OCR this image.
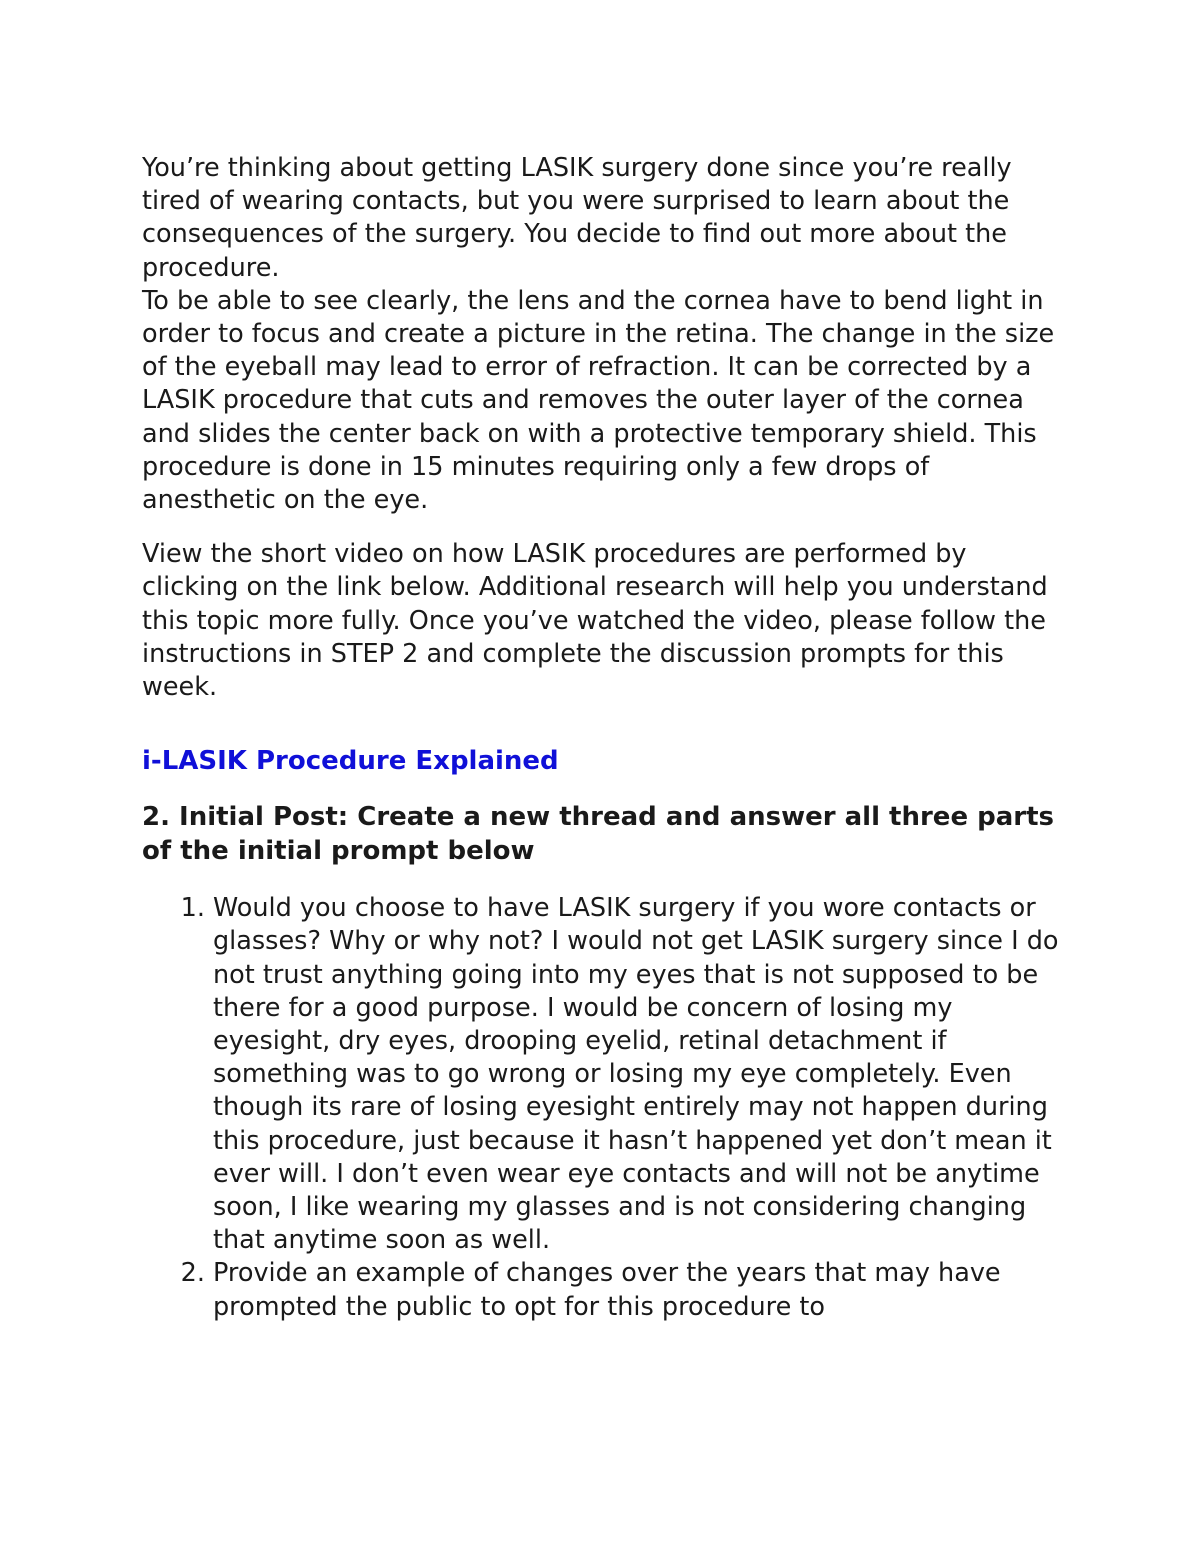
You’re thinking about getting LASIK surgery done since you’re really tired of wearing contacts, but you were surprised to learn about the consequences of the surgery. You decide to find out more about the procedure.

To be able to see clearly, the lens and the cornea have to bend light in order to focus and create a picture in the retina. The change in the size of the eyeball may lead to error of refraction. It can be corrected by a LASIK procedure that cuts and removes the outer layer of the cornea and slides the center back on with a protective temporary shield. This procedure is done in 15 minutes requiring only a few drops of anesthetic on the eye.

View the short video on how LASIK procedures are performed by clicking on the link below. Additional research will help you understand this topic more fully. Once you’ve watched the video, please follow the instructions in STEP 2 and complete the discussion prompts for this week.

i-LASIK Procedure Explained
2. Initial Post: Create a new thread and answer all three parts of the initial prompt below
1. Would you choose to have LASIK surgery if you wore contacts or glasses? Why or why not? I would not get LASIK surgery since I do not trust anything going into my eyes that is not supposed to be there for a good purpose. I would be concern of losing my eyesight, dry eyes, drooping eyelid, retinal detachment if something was to go wrong or losing my eye completely. Even though its rare of losing eyesight entirely may not happen during this procedure, just because it hasn’t happened yet don’t mean it ever will. I don’t even wear eye contacts and will not be anytime soon, I like wearing my glasses and is not considering changing that anytime soon as well.
2. Provide an example of changes over the years that may have prompted the public to opt for this procedure to
